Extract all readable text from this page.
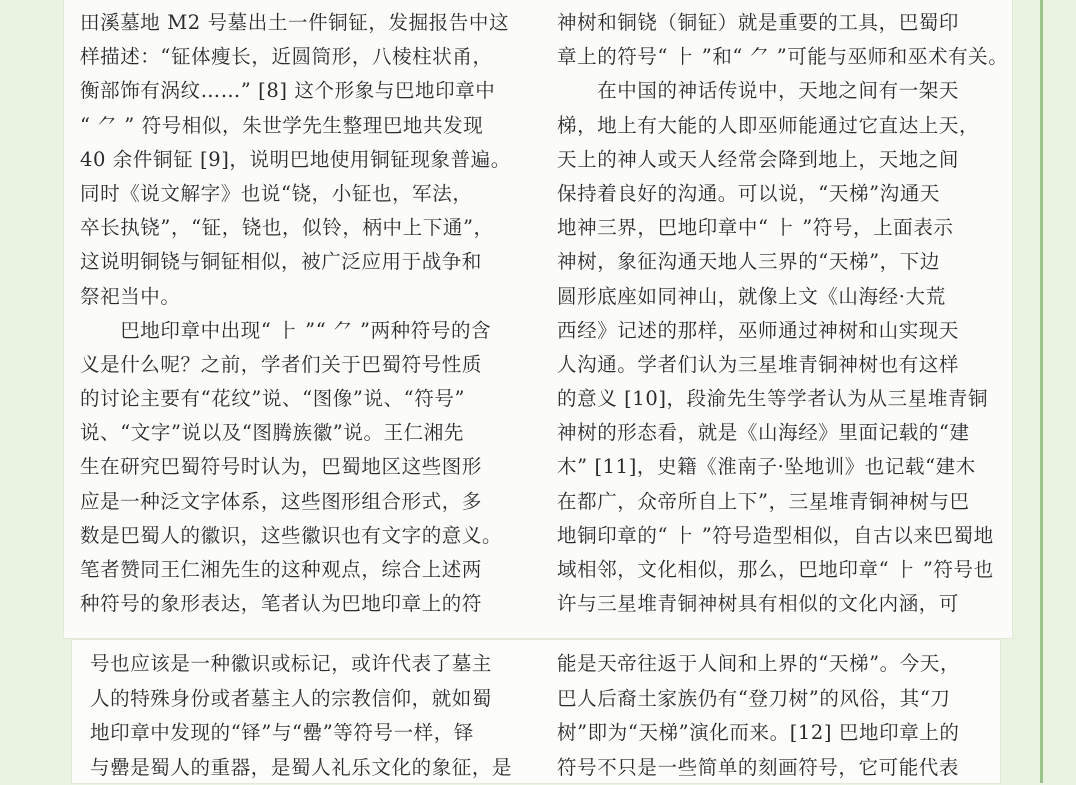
田溪墓地 M2 号墓出土一件铜钲，发掘报告中这
样描述：“钲体瘦长，近圆筒形，八棱柱状甬，
衡部饰有涡纹……” [8] 这个形象与巴地印章中
“ ⺈ ” 符号相似，朱世学先生整理巴地共发现
40 余件铜钲 [9]，说明巴地使用铜钲现象普遍。
同时《说文解字》也说“铙，小钲也，军法，
卒长执铙”，“钲，铙也，似铃，柄中上下通”，
这说明铜铙与铜钲相似，被广泛应用于战争和
祭祀当中。
　　巴地印章中出现“ ⺊ ”“ ⺈ ”两种符号的含
义是什么呢？之前，学者们关于巴蜀符号性质
的讨论主要有“花纹”说、“图像”说、“符号”
说、“文字”说以及“图腾族徽”说。王仁湘先
生在研究巴蜀符号时认为，巴蜀地区这些图形
应是一种泛文字体系，这些图形组合形式，多
数是巴蜀人的徽识，这些徽识也有文字的意义。
笔者赞同王仁湘先生的这种观点，综合上述两
种符号的象形表达，笔者认为巴地印章上的符
神树和铜铙（铜钲）就是重要的工具，巴蜀印
章上的符号“ ⺊ ”和“ ⺈ ”可能与巫师和巫术有关。
　　在中国的神话传说中，天地之间有一架天
梯，地上有大能的人即巫师能通过它直达上天，
天上的神人或天人经常会降到地上，天地之间
保持着良好的沟通。可以说，“天梯”沟通天
地神三界，巴地印章中“ ⺊ ”符号，上面表示
神树，象征沟通天地人三界的“天梯”，下边
圆形底座如同神山，就像上文《山海经·大荒
西经》记述的那样，巫师通过神树和山实现天
人沟通。学者们认为三星堆青铜神树也有这样
的意义 [10]，段渝先生等学者认为从三星堆青铜
神树的形态看，就是《山海经》里面记载的“建
木” [11]，史籍《淮南子·坠地训》也记载“建木
在都广，众帝所自上下”，三星堆青铜神树与巴
地铜印章的“ ⺊ ”符号造型相似，自古以来巴蜀地
域相邻，文化相似，那么，巴地印章“ ⺊ ”符号也
许与三星堆青铜神树具有相似的文化内涵，可
号也应该是一种徽识或标记，或许代表了墓主
人的特殊身份或者墓主人的宗教信仰，就如蜀
地印章中发现的“铎”与“罍”等符号一样，铎
与罍是蜀人的重器，是蜀人礼乐文化的象征，是
能是天帝往返于人间和上界的“天梯”。今天，
巴人后裔土家族仍有“登刀树”的风俗，其“刀
树”即为“天梯”演化而来。[12] 巴地印章上的
符号不只是一些简单的刻画符号，它可能代表
